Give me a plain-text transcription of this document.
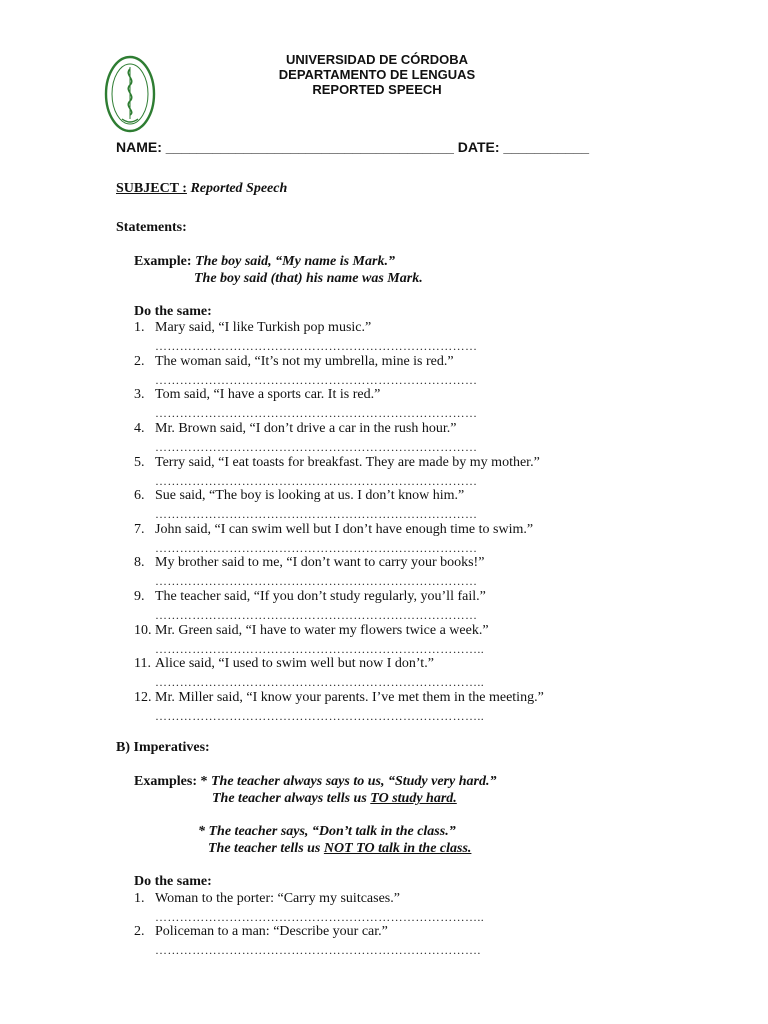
UNIVERSIDAD DE CÓRDOBA
DEPARTAMENTO DE LENGUAS
REPORTED SPEECH
NAME: _____________________________________ DATE: ___________
SUBJECT : Reported Speech
Statements:
Example: The boy said, “My name is Mark.”
The boy said (that) his name was Mark.
Do the same:
1. Mary said, “I like Turkish pop music.”
……………………………………………………………………
2. The woman said, “It’s not my umbrella, mine is red.”
……………………………………………………………………
3. Tom said, “I have a sports car. It is red.”
……………………………………………………………………
4. Mr. Brown said, “I don’t drive a car in the rush hour.”
……………………………………………………………………
5. Terry said, “I eat toasts for breakfast. They are made by my mother.”
……………………………………………………………………
6. Sue said, “The boy is looking at us. I don’t know him.”
……………………………………………………………………
7. John said, “I can swim well but I don’t have enough time to swim.”
……………………………………………………………………
8. My brother said to me, “I don’t want to carry your books!”
……………………………………………………………………
9. The teacher said, “If you don’t study regularly, you’ll fail.”
……………………………………………………………………
10. Mr. Green said, “I have to water my flowers twice a week.”
……………………………………………………………………..
11. Alice said, “I used to swim well but now I don’t.”
……………………………………………………………………..
12. Mr. Miller said, “I know your parents. I’ve met them in the meeting.”
……………………………………………………………………..
B) Imperatives:
Examples: * The teacher always says to us, “Study very hard.”
The teacher always tells us TO study hard.
* The teacher says, “Don’t talk in the class.”
The teacher tells us NOT TO talk in the class.
Do the same:
1. Woman to the porter: “Carry my suitcases.”
……………………………………………………………………..
2. Policeman to a man: “Describe your car.”
…………………………………………………………………….
